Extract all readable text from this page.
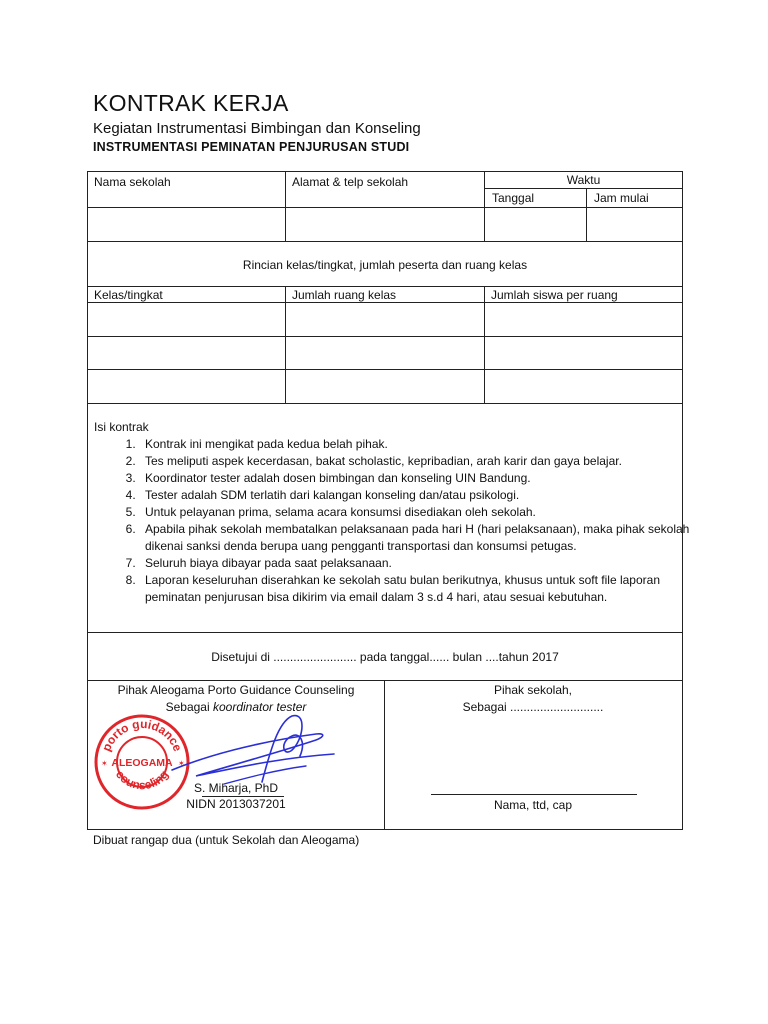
KONTRAK KERJA
Kegiatan Instrumentasi Bimbingan dan Konseling
INSTRUMENTASI PEMINATAN PENJURUSAN STUDI
Nama sekolah	Alamat & telp sekolah	Waktu
Tanggal	Jam mulai
Rincian kelas/tingkat, jumlah peserta dan ruang kelas
Kelas/tingkat	Jumlah ruang kelas	Jumlah siswa per ruang
Isi kontrak
1. Kontrak ini mengikat pada kedua belah pihak.
2. Tes meliputi aspek kecerdasan, bakat scholastic, kepribadian, arah karir dan gaya belajar.
3. Koordinator tester adalah dosen bimbingan dan konseling UIN Bandung.
4. Tester adalah SDM terlatih dari kalangan konseling dan/atau psikologi.
5. Untuk pelayanan prima, selama acara konsumsi disediakan oleh sekolah.
6. Apabila pihak sekolah membatalkan pelaksanaan pada hari H (hari pelaksanaan), maka pihak sekolah dikenai sanksi denda berupa uang pengganti transportasi dan konsumsi petugas.
7. Seluruh biaya dibayar pada saat pelaksanaan.
8. Laporan keseluruhan diserahkan ke sekolah satu bulan berikutnya, khusus untuk soft file laporan peminatan penjurusan bisa dikirim via email dalam 3 s.d 4 hari, atau sesuai kebutuhan.
Disetujui di ......................... pada tanggal...... bulan ....tahun 2017
Pihak Aleogama Porto Guidance Counseling
Sebagai koordinator tester
porto guidance
counseling
ALEOGAMA
✶	✶
S. Miharja, PhD
NIDN 2013037201
Pihak sekolah,
Sebagai ............................
Nama, ttd, cap
Dibuat rangap dua (untuk Sekolah dan Aleogama)
